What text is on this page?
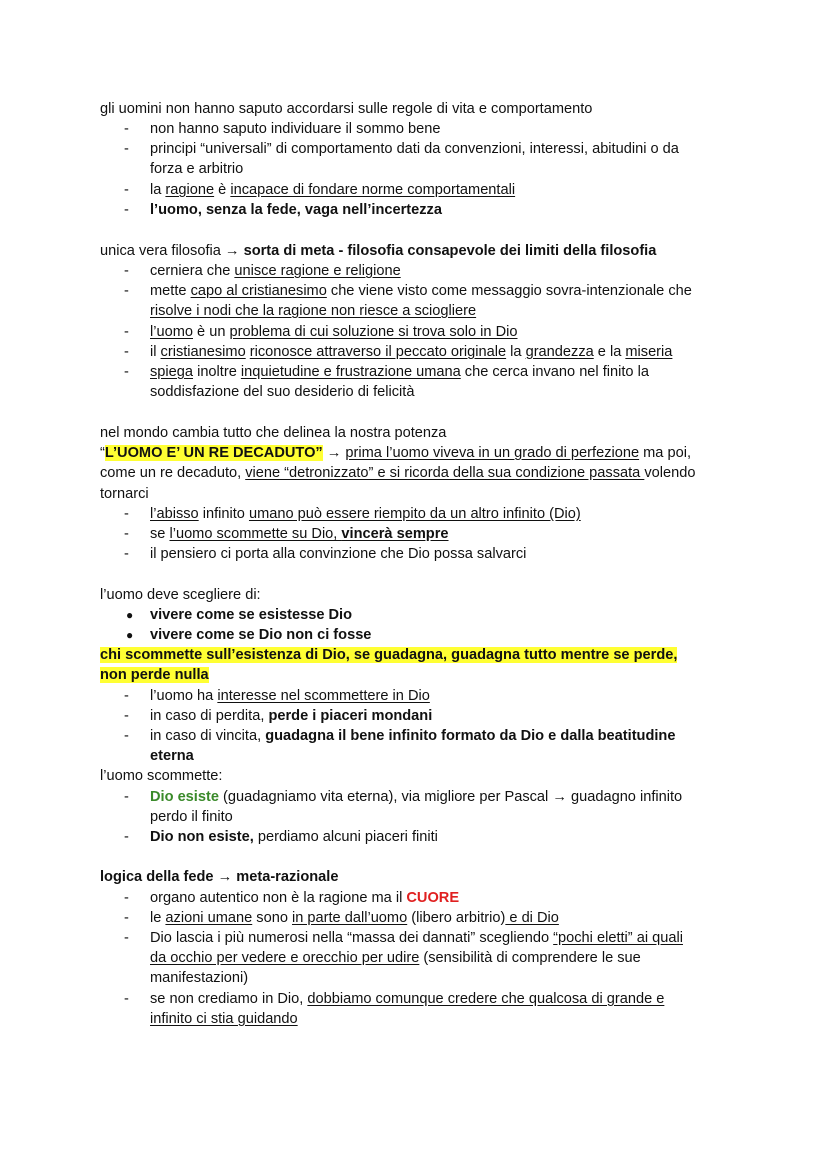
gli uomini non hanno saputo accordarsi sulle regole di vita e comportamento
- non hanno saputo individuare il sommo bene
- principi “universali” di comportamento dati da convenzioni, interessi, abitudini o da
forza e arbitrio
- la ragione è incapace di fondare norme comportamentali
- l’uomo, senza la fede, vaga nell’incertezza
unica vera filosofia → sorta di meta - filosofia consapevole dei limiti della filosofia
- cerniera che unisce ragione e religione
- mette capo al cristianesimo che viene visto come messaggio sovra-intenzionale che
risolve i nodi che la ragione non riesce a sciogliere
- l’uomo è un problema di cui soluzione si trova solo in Dio
- il cristianesimo riconosce attraverso il peccato originale la grandezza e la miseria
- spiega inoltre inquietudine e frustrazione umana che cerca invano nel finito la
soddisfazione del suo desiderio di felicità
nel mondo cambia tutto che delinea la nostra potenza
“L’UOMO E’ UN RE DECADUTO” → prima l’uomo viveva in un grado di perfezione ma poi,
come un re decaduto, viene “detronizzato” e si ricorda della sua condizione passata volendo
tornarci
- l’abisso infinito umano può essere riempito da un altro infinito (Dio)
- se l’uomo scommette su Dio, vincerà sempre
- il pensiero ci porta alla convinzione che Dio possa salvarci
l’uomo deve scegliere di:
● vivere come se esistesse Dio
● vivere come se Dio non ci fosse
chi scommette sull’esistenza di Dio, se guadagna, guadagna tutto mentre se perde,
non perde nulla
- l’uomo ha interesse nel scommettere in Dio
- in caso di perdita, perde i piaceri mondani
- in caso di vincita, guadagna il bene infinito formato da Dio e dalla beatitudine
eterna
l’uomo scommette:
- Dio esiste (guadagniamo vita eterna), via migliore per Pascal → guadagno infinito
perdo il finito
- Dio non esiste, perdiamo alcuni piaceri finiti
logica della fede → meta-razionale
- organo autentico non è la ragione ma il CUORE
- le azioni umane sono in parte dall’uomo (libero arbitrio) e di Dio
- Dio lascia i più numerosi nella “massa dei dannati” scegliendo “pochi eletti” ai quali
da occhio per vedere e orecchio per udire (sensibilità di comprendere le sue
manifestazioni)
- se non crediamo in Dio, dobbiamo comunque credere che qualcosa di grande e
infinito ci stia guidando
